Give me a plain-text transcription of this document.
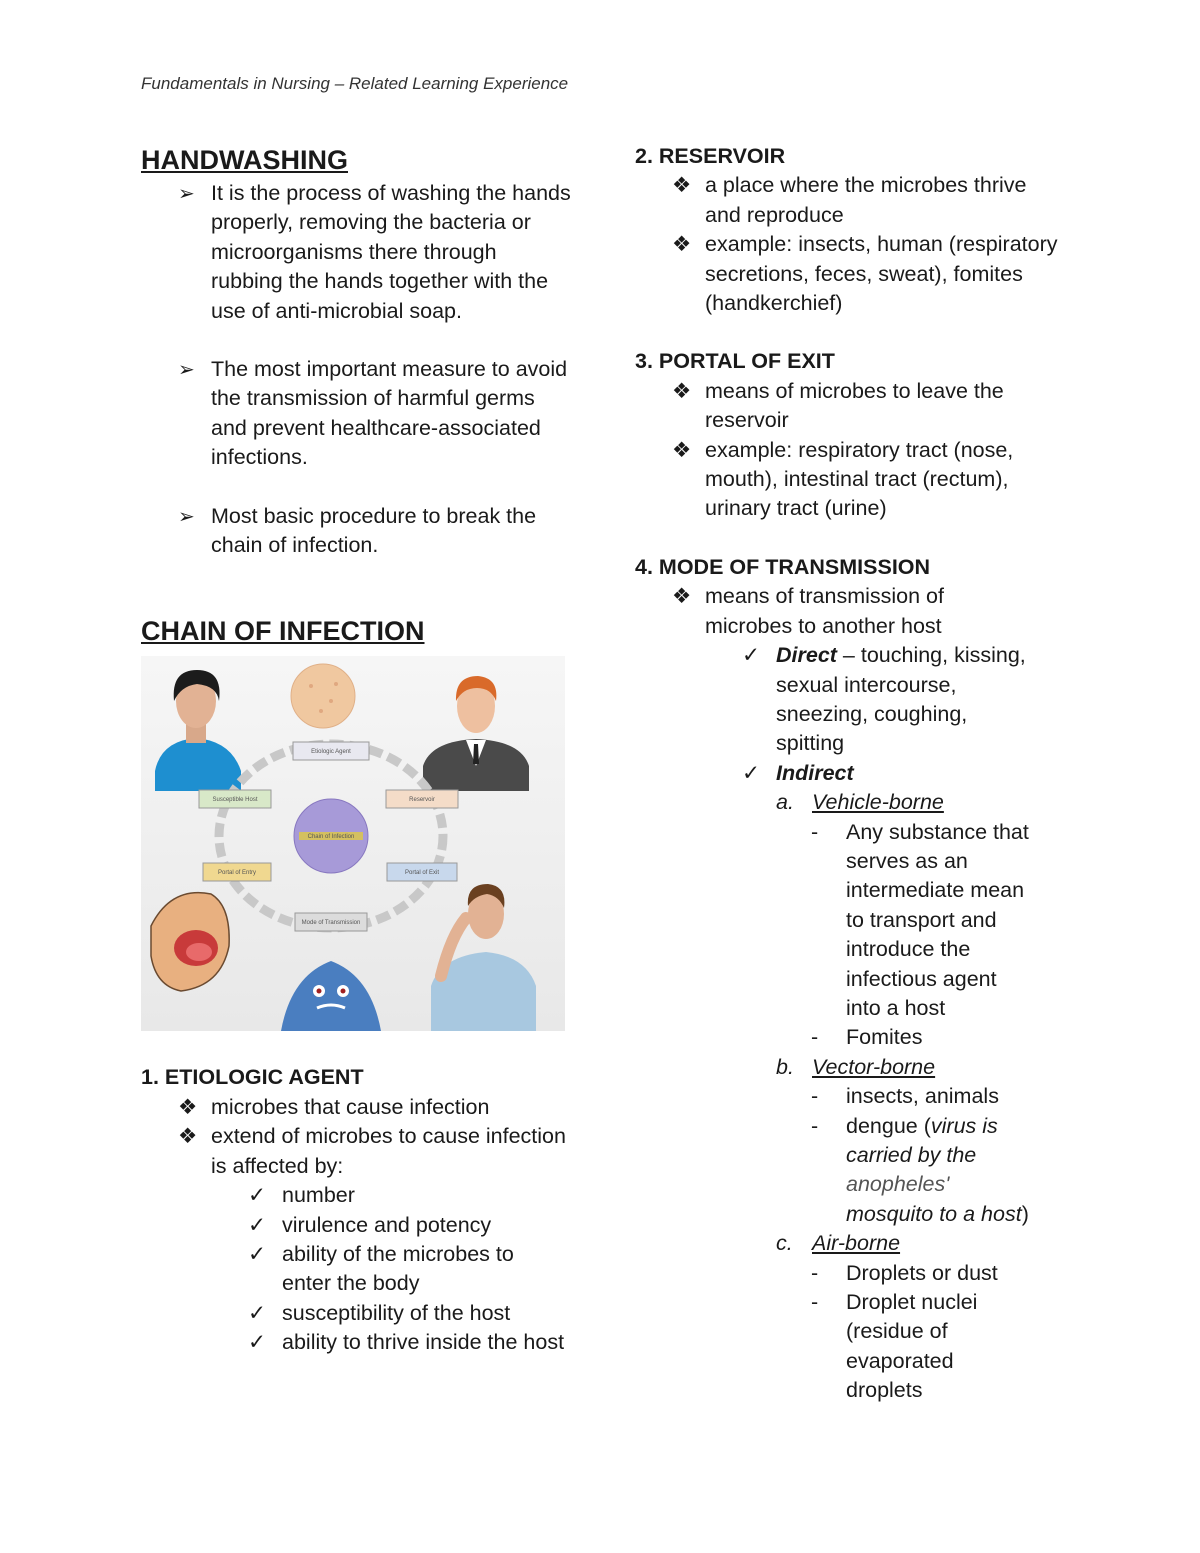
Fundamentals in Nursing – Related Learning Experience
HANDWASHING
➢ It is the process of washing the hands properly, removing the bacteria or microorganisms there through rubbing the hands together with the use of anti-microbial soap.
➢ The most important measure to avoid the transmission of harmful germs and prevent healthcare-associated infections.
➢ Most basic procedure to break the chain of infection.
CHAIN OF INFECTION
Chain of Infection
Etiologic Agent
Reservoir
Portal of Exit
Mode of Transmission
Portal of Entry
Susceptible Host
1. ETIOLOGIC AGENT
❖ microbes that cause infection
❖ extend of microbes to cause infection is affected by:
✓ number
✓ virulence and potency
✓ ability of the microbes to enter the body
✓ susceptibility of the host
✓ ability to thrive inside the host
2. RESERVOIR
❖ a place where the microbes thrive and reproduce
❖ example: insects, human (respiratory secretions, feces, sweat), fomites (handkerchief)
3. PORTAL OF EXIT
❖ means of microbes to leave the reservoir
❖ example: respiratory tract (nose, mouth), intestinal tract (rectum), urinary tract (urine)
4. MODE OF TRANSMISSION
❖ means of transmission of microbes to another host
✓ Direct – touching, kissing, sexual intercourse, sneezing, coughing, spitting
✓ Indirect
a. Vehicle-borne
-	Any substance that serves as an intermediate mean to transport and introduce the infectious agent into a host
-	Fomites
b. Vector-borne
-	insects, animals
-	dengue (virus is carried by the anopheles' mosquito to a host)
c. Air-borne
-	Droplets or dust
-	Droplet nuclei (residue of evaporated droplets
